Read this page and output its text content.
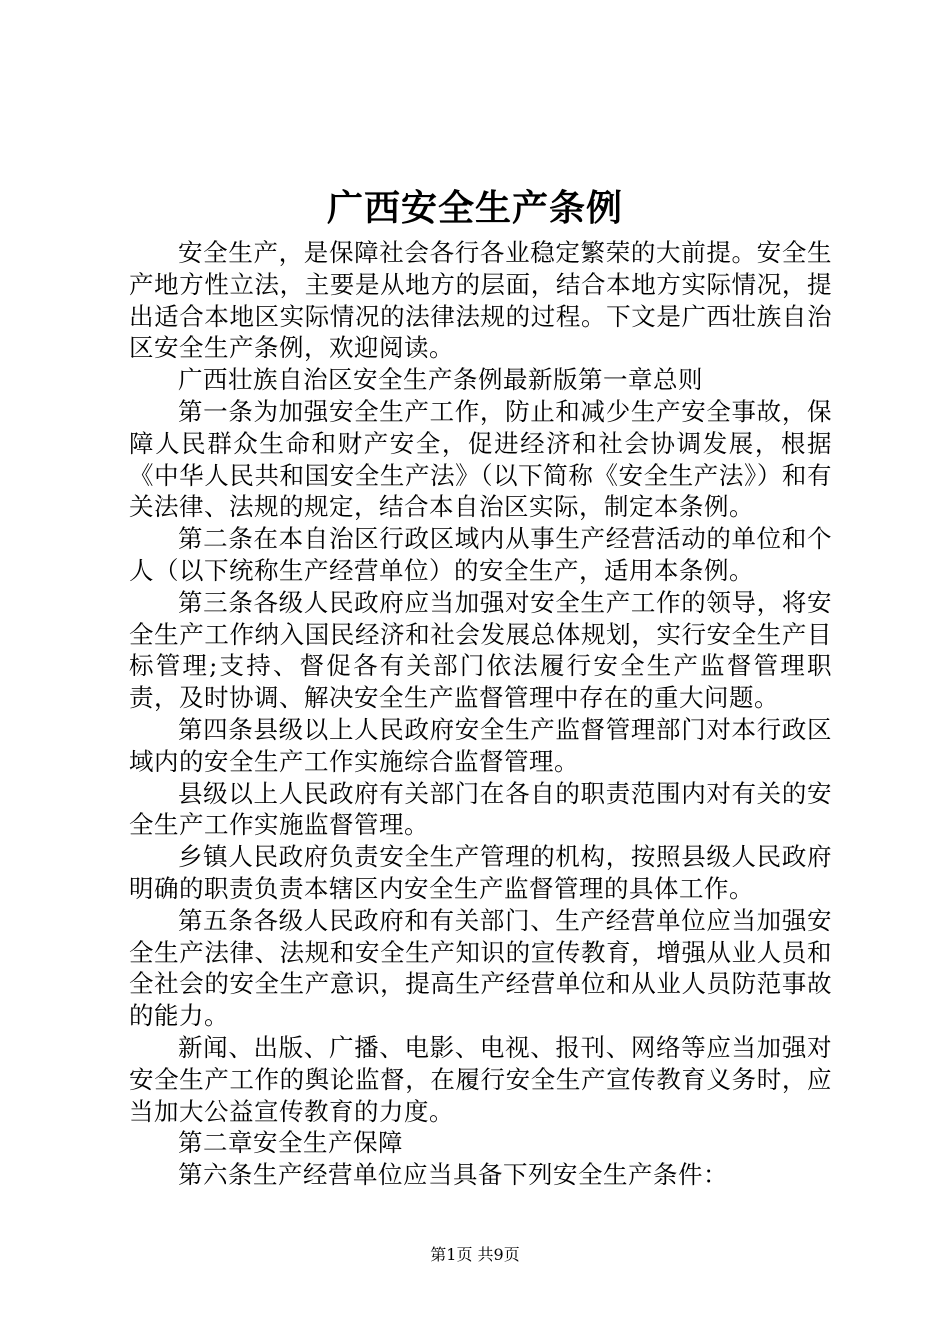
广西安全生产条例

安全生产，是保障社会各行各业稳定繁荣的大前提。安全生产地方性立法，主要是从地方的层面，结合本地方实际情况，提出适合本地区实际情况的法律法规的过程。下文是广西壮族自治区安全生产条例，欢迎阅读。

广西壮族自治区安全生产条例最新版第一章总则

第一条为加强安全生产工作，防止和减少生产安全事故，保障人民群众生命和财产安全，促进经济和社会协调发展，根据《中华人民共和国安全生产法》（以下简称《安全生产法》）和有关法律、法规的规定，结合本自治区实际，制定本条例。

第二条在本自治区行政区域内从事生产经营活动的单位和个人（以下统称生产经营单位）的安全生产，适用本条例。

第三条各级人民政府应当加强对安全生产工作的领导，将安全生产工作纳入国民经济和社会发展总体规划，实行安全生产目标管理;支持、督促各有关部门依法履行安全生产监督管理职责，及时协调、解决安全生产监督管理中存在的重大问题。

第四条县级以上人民政府安全生产监督管理部门对本行政区域内的安全生产工作实施综合监督管理。

县级以上人民政府有关部门在各自的职责范围内对有关的安全生产工作实施监督管理。

乡镇人民政府负责安全生产管理的机构，按照县级人民政府明确的职责负责本辖区内安全生产监督管理的具体工作。

第五条各级人民政府和有关部门、生产经营单位应当加强安全生产法律、法规和安全生产知识的宣传教育，增强从业人员和全社会的安全生产意识，提高生产经营单位和从业人员防范事故的能力。

新闻、出版、广播、电影、电视、报刊、网络等应当加强对安全生产工作的舆论监督，在履行安全生产宣传教育义务时，应当加大公益宣传教育的力度。

第二章安全生产保障

第六条生产经营单位应当具备下列安全生产条件：

第1页 共9页
